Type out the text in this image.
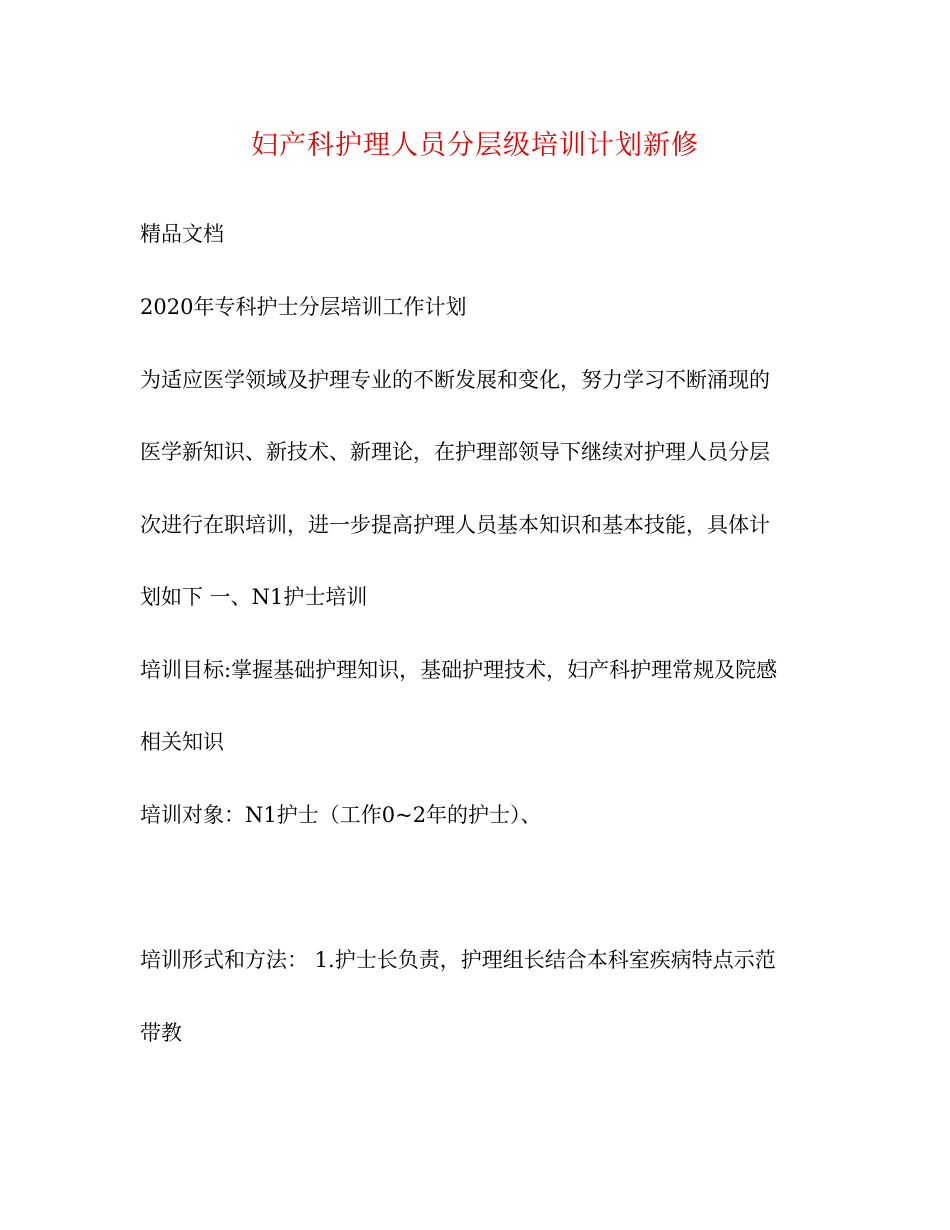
妇产科护理人员分层级培训计划新修

精品文档

2020年专科护士分层培训工作计划

为适应医学领域及护理专业的不断发展和变化，努力学习不断涌现的

医学新知识、新技术、新理论，在护理部领导下继续对护理人员分层

次进行在职培训，进一步提高护理人员基本知识和基本技能，具体计

划如下 一、N1护士培训

培训目标:掌握基础护理知识，基础护理技术，妇产科护理常规及院感

相关知识

培训对象：N1护士（工作0~2年的护士）、

培训形式和方法： 1.护士长负责，护理组长结合本科室疾病特点示范

带教
